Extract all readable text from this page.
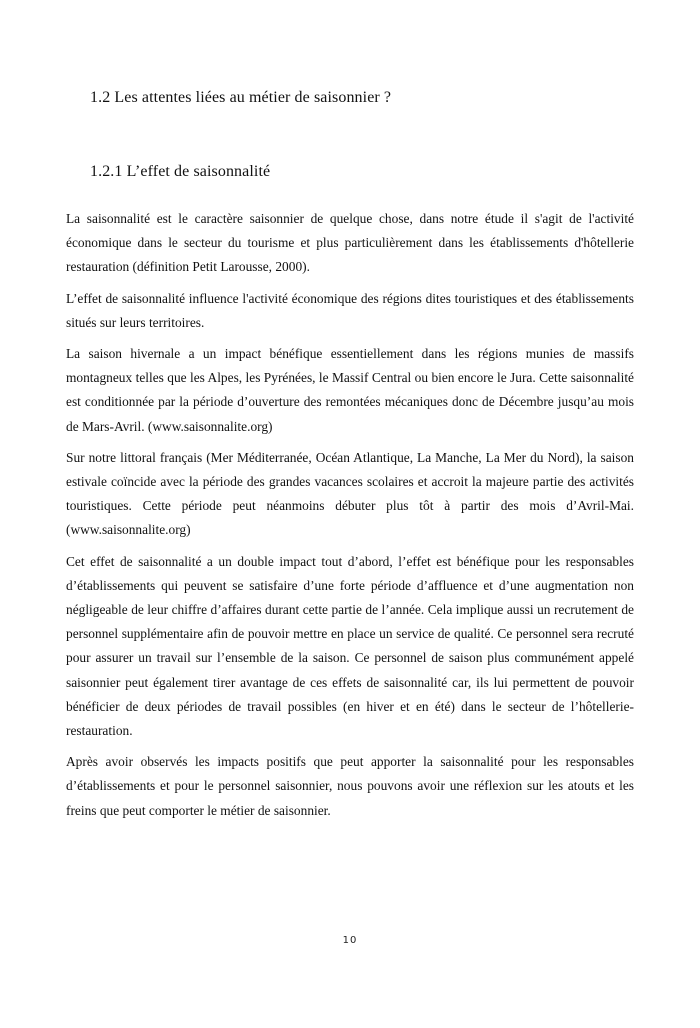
1.2 Les attentes liées au métier de saisonnier ?
1.2.1 L’effet de saisonnalité

La saisonnalité est le caractère saisonnier de quelque chose, dans notre étude il s'agit de l'activité économique dans le secteur du tourisme et plus particulièrement dans les établissements d'hôtellerie restauration (définition Petit Larousse, 2000).

L’effet de saisonnalité influence l'activité économique des régions dites touristiques et des établissements situés sur leurs territoires.

La saison hivernale a un impact bénéfique essentiellement dans les régions munies de massifs montagneux telles que les Alpes, les Pyrénées, le Massif Central ou bien encore le Jura. Cette saisonnalité est conditionnée par la période d’ouverture des remontées mécaniques donc de Décembre jusqu’au mois de Mars-Avril. (www.saisonnalite.org)

Sur notre littoral français (Mer Méditerranée, Océan Atlantique, La Manche, La Mer du Nord), la saison estivale coïncide avec la période des grandes vacances scolaires et accroit la majeure partie des activités touristiques. Cette période peut néanmoins débuter plus tôt à partir des mois d’Avril-Mai. (www.saisonnalite.org)

Cet effet de saisonnalité a un double impact tout d’abord, l’effet est bénéfique pour les responsables d’établissements qui peuvent se satisfaire d’une forte période d’affluence et d’une augmentation non négligeable de leur chiffre d’affaires durant cette partie de l’année. Cela implique aussi un recrutement de personnel supplémentaire afin de pouvoir mettre en place un service de qualité. Ce personnel sera recruté pour assurer un travail sur l’ensemble de la saison. Ce personnel de saison plus communément appelé saisonnier peut également tirer avantage de ces effets de saisonnalité car, ils lui permettent de pouvoir bénéficier de deux périodes de travail possibles (en hiver et en été) dans le secteur de l’hôtellerie-restauration.

Après avoir observés les impacts positifs que peut apporter la saisonnalité pour les responsables d’établissements et pour le personnel saisonnier, nous pouvons avoir une réflexion sur les atouts et les freins que peut comporter le métier de saisonnier.

10
